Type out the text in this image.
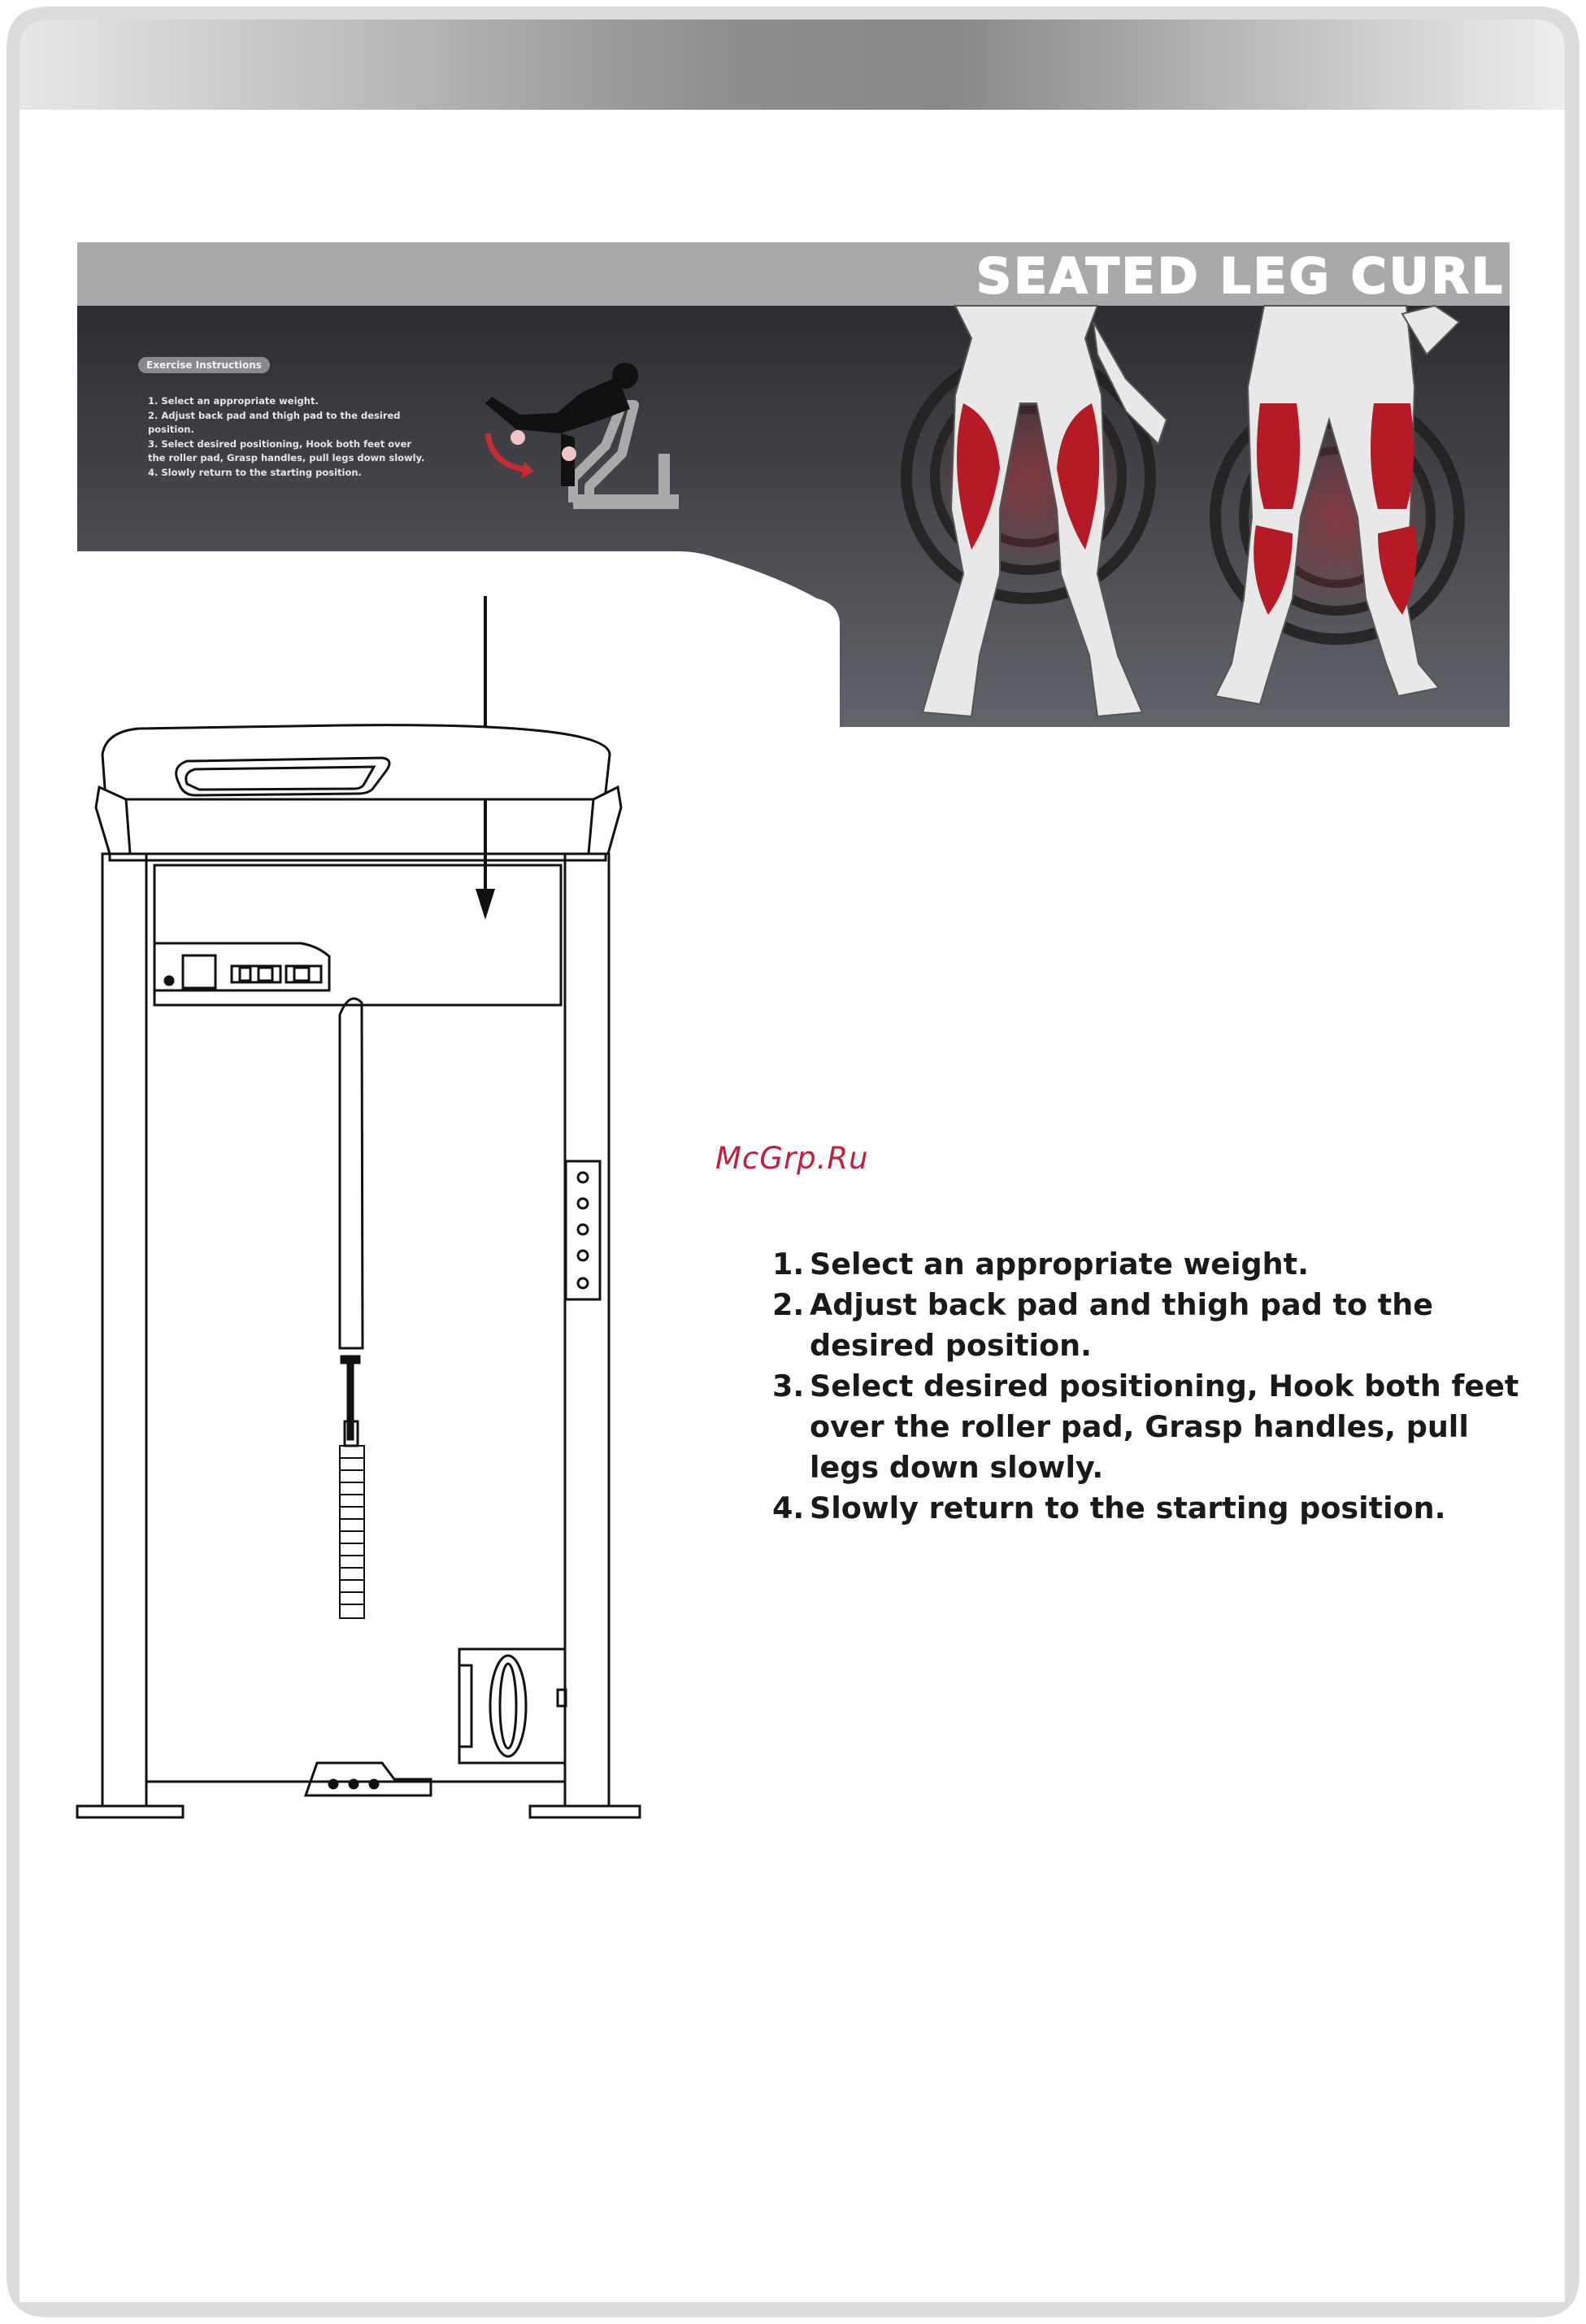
SEATED LEG CURL
Exercise Instructions
1. Select an appropriate weight.
2. Adjust back pad and thigh pad to the desired position.
3. Select desired positioning, Hook both feet over the roller pad, Grasp handles, pull legs down slowly.
4. Slowly return to the starting position.
McGrp.Ru
1. Select an appropriate weight.
2. Adjust back pad and thigh pad to the desired position.
3. Select desired positioning, Hook both feet over the roller pad, Grasp handles, pull legs down slowly.
4. Slowly return to the starting position.
